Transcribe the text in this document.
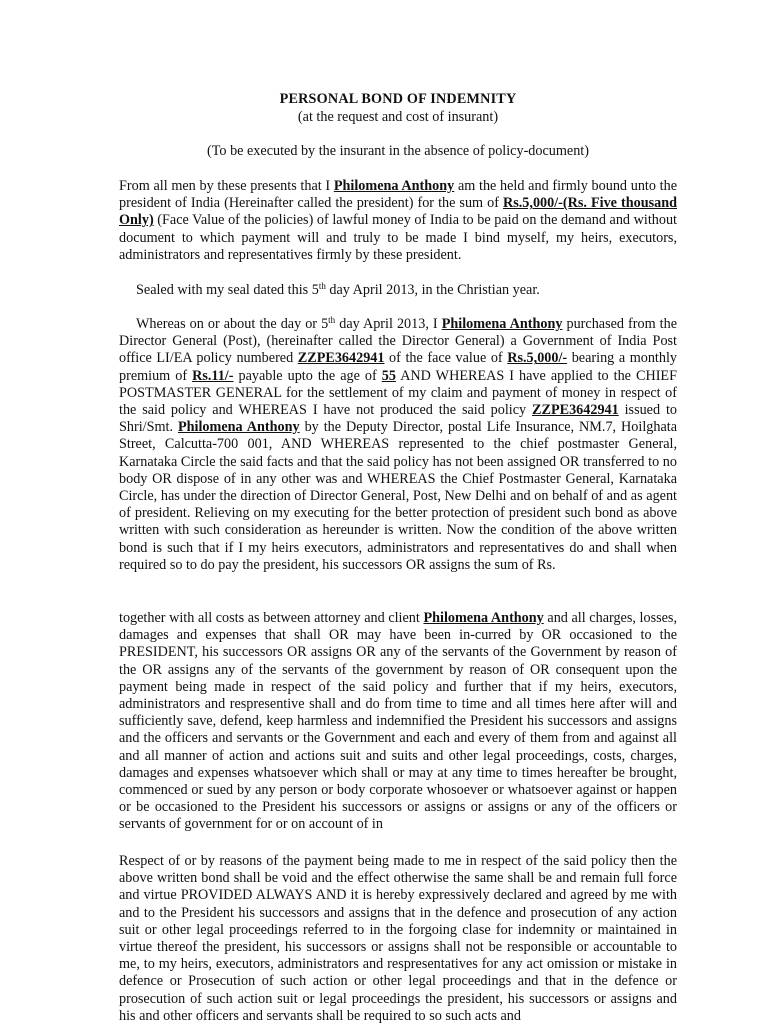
PERSONAL BOND OF INDEMNITY
(at the request and cost of insurant)
(To be executed by the insurant in the absence of policy-document)
From all men by these presents that I Philomena Anthony am the held and firmly bound unto the president of India (Hereinafter called the president) for the sum of Rs.5,000/-(Rs. Five thousand Only) (Face Value of the policies) of lawful money of India to be paid on the demand and without document to which payment will and truly to be made I bind myself, my heirs, executors, administrators and representatives firmly by these president.
Sealed with my seal dated this 5th day April 2013, in the Christian year.
Whereas on or about the day or 5th day April 2013, I Philomena Anthony purchased from the Director General (Post), (hereinafter called the Director General) a Government of India Post office LI/EA policy numbered ZZPE3642941 of the face value of Rs.5,000/- bearing a monthly premium of Rs.11/- payable upto the age of 55 AND WHEREAS I have applied to the CHIEF POSTMASTER GENERAL for the settlement of my claim and payment of money in respect of the said policy and WHEREAS I have not produced the said policy ZZPE3642941 issued to Shri/Smt. Philomena Anthony by the Deputy Director, postal Life Insurance, NM.7, Hoilghata Street, Calcutta-700 001, AND WHEREAS represented to the chief postmaster General, Karnataka Circle the said facts and that the said policy has not been assigned OR transferred to no body OR dispose of in any other was and WHEREAS the Chief Postmaster General, Karnataka Circle, has under the direction of Director General, Post, New Delhi and on behalf of and as agent of president. Relieving on my executing for the better protection of president such bond as above written with such consideration as hereunder is written. Now the condition of the above written bond is such that if I my heirs executors, administrators and representatives do and shall when required so to do pay the president, his successors OR assigns the sum of Rs.
together with all costs as between attorney and client Philomena Anthony and all charges, losses, damages and expenses that shall OR may have been in-curred by OR occasioned to the PRESIDENT, his successors OR assigns OR any of the servants of the Government by reason of the OR assigns any of the servants of the government by reason of OR consequent upon the payment being made in respect of the said policy and further that if my heirs, executors, administrators and respresentive shall and do from time to time and all times here after will and sufficiently save, defend, keep harmless and indemnified the President his successors and assigns and the officers and servants or the Government and each and every of them from and against all and all manner of action and actions suit and suits and other legal proceedings, costs, charges, damages and expenses whatsoever which shall or may at any time to times hereafter be brought, commenced or sued by any person or body corporate whosoever or whatsoever against or happen or be occasioned to the President his successors or assigns or assigns or any of the officers or servants of government for or on account of in
Respect of or by reasons of the payment being made to me in respect of the said policy then the above written bond shall be void and the effect otherwise the same shall be and remain full force and virtue PROVIDED ALWAYS AND it is hereby expressively declared and agreed by me with and to the President his successors and assigns that in the defence and prosecution of any action suit or other legal proceedings referred to in the forgoing clase for indemnity or maintained in virtue thereof the president, his successors or assigns shall not be responsible or accountable to me, to my heirs, executors, administrators and respresentatives for any act omission or mistake in defence or Prosecution of such action or other legal proceedings and that in the defence or prosecution of such action suit or legal proceedings the president, his successors or assigns and his and other officers and servants shall be required to so such acts and
